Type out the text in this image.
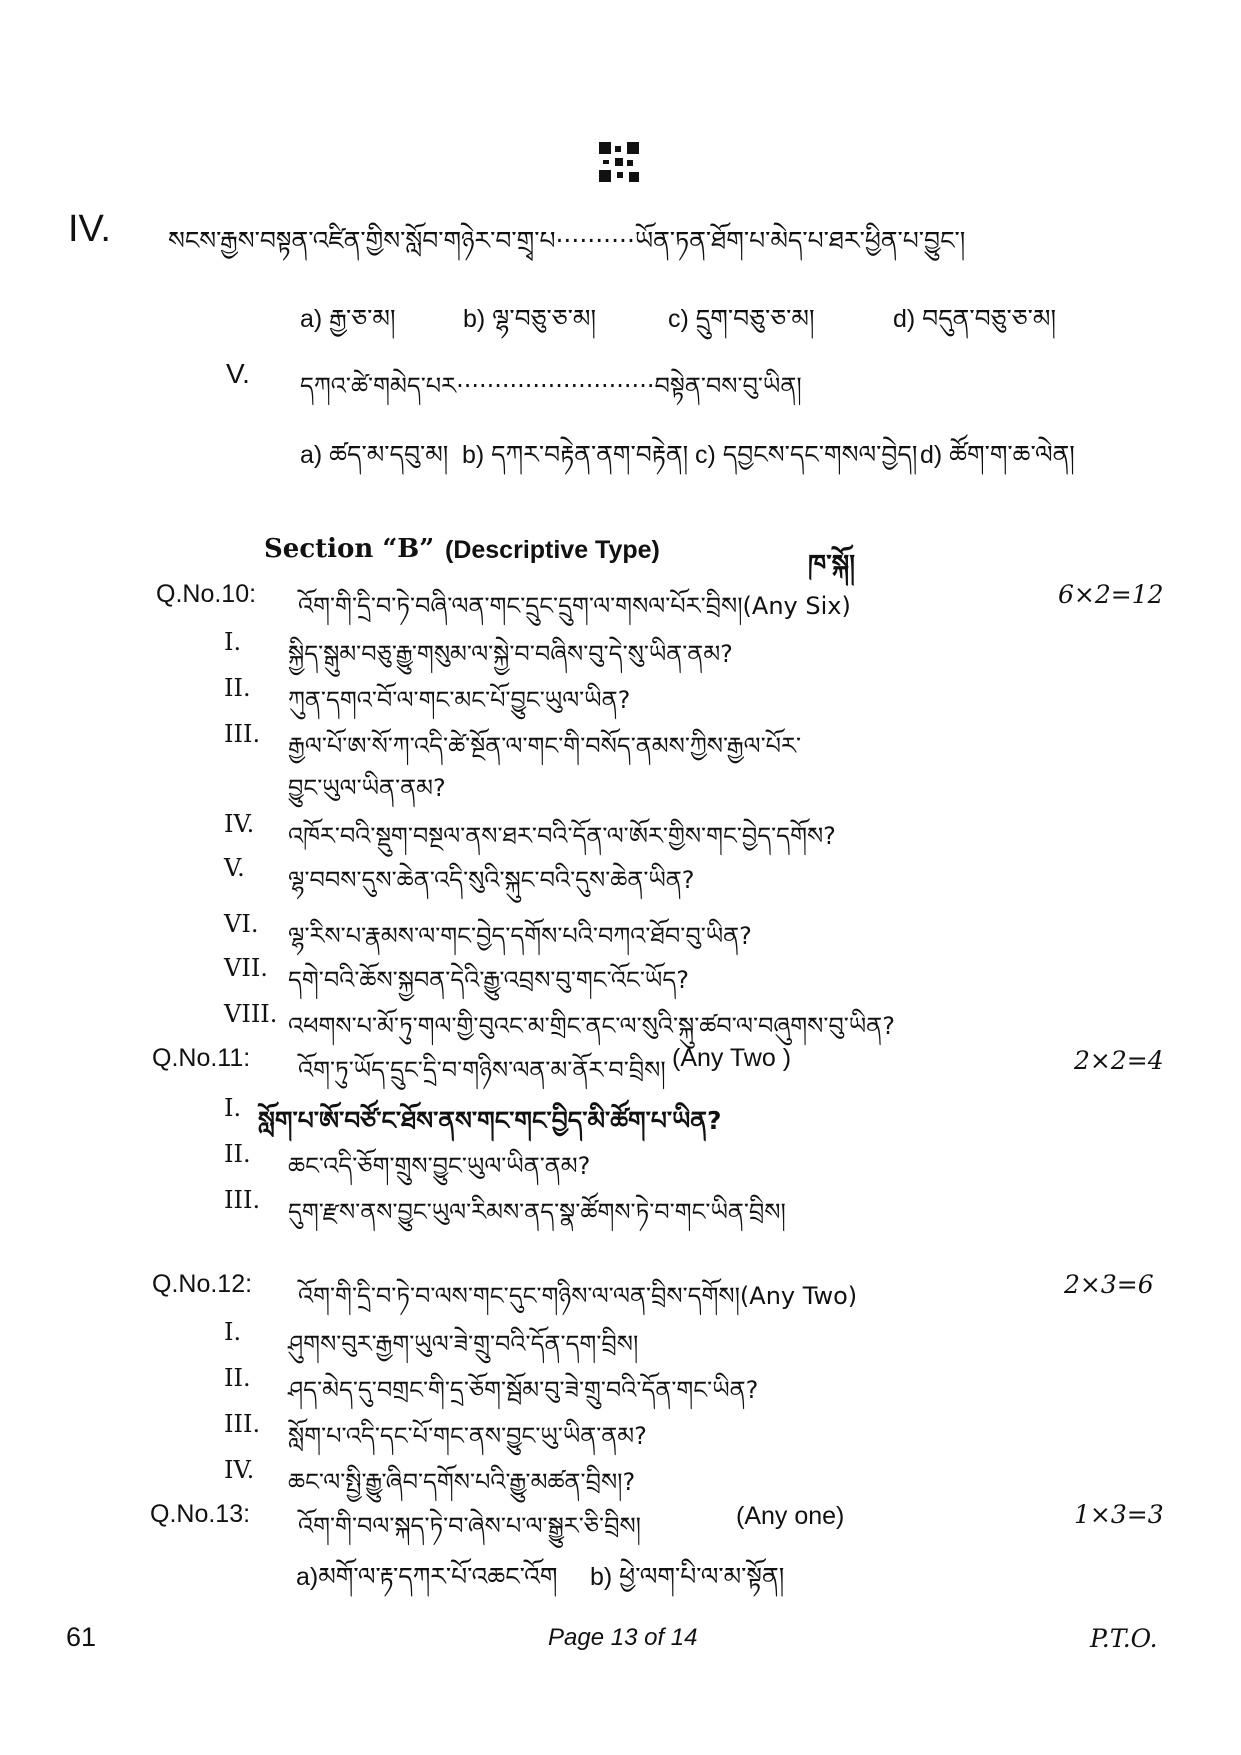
IV. སངས་རྒྱས་བསྟན་འཛིན་གྱིས་སློབ་གཉེར་བ་གྲྭ་པ··········ཡོན་ཏན་ཐོག་པ་མེད་པ་ཐར་ཕྱིན་པ་བྱུང་།
a) རྒྱ་ཅ་མ།	b) ལྷ་བཅུ་ཅ་མ།	c) དྲུག་བཅུ་ཅ་མ།	d) བདུན་བཅུ་ཅ་མ།
V. དཀའ་ཚེ་གམེད་པར··························བསྟེན་བས་བུ་ཡིན།
a) ཚད་མ་དབུ་མ། b) དཀར་བརྟེན་ནག་བརྟེན། c) དབྱངས་དང་གསལ་བྱེད། d) ཚོག་ག་ཆ་ལེན།
Section “B” (Descriptive Type)	ཁ་སྐོ།
Q.No.10: འོག་གི་དྲི་བ་ཏེ་བཞི་ལན་གང་དྲུང་དྲུག་ལ་གསལ་པོར་བྲིས།(Any Six)	6×2=12
I. སྐྱིད་སྒུམ་བཅུ་རྒྱུ་གསུམ་ལ་སྐྱེ་བ་བཞིས་བུ་དེ་སུ་ཡིན་ནམ?
II. ཀུན་དགའ་བོ་ལ་གང་མང་པོ་བྱུང་ཡུལ་ཡིན?
III. རྒྱལ་པོ་ཨ་སོ་ཀ་འདི་ཚེ་སྔོན་ལ་གང་གི་བསོད་ནམས་ཀྱིས་རྒྱལ་པོར་
བྱུང་ཡུལ་ཡིན་ནམ?
IV. འཁོར་བའི་སྡུག་བསྔལ་ནས་ཐར་བའི་དོན་ལ་ཨོར་གྱིས་གང་བྱེད་དགོས?
V. ལྷ་བབས་དུས་ཆེན་འདི་སུའི་སྐུང་བའི་དུས་ཆེན་ཡིན?
VI. ལྷ་རིས་པ་རྣམས་ལ་གང་བྱེད་དགོས་པའི་བཀའ་ཐོབ་བུ་ཡིན?
VII. དགེ་བའི་ཆོས་སྐྱབན་དེའི་རྒྱུ་འབྲས་བུ་གང་འོང་ཡོད?
VIII. འཕགས་པ་མོ་ཏུ་གལ་གྱི་བུའང་མ་གྲིང་ནང་ལ་སུའི་སྐུ་ཚབ་ལ་བཞུགས་བུ་ཡིན?
Q.No.11: འོག་ཏུ་ཡོད་དྲུང་དྲི་བ་གཉིས་ལན་མ་ནོར་བ་བྲིས། (Any Two )	2×2=4
I. སློག་པ་ཨོ་བཙོ་ང་ཐོས་ནས་གང་གང་བྱིད་མི་ཚོག་པ་ཡིན?
II. ཆང་འདི་ཅོག་གྲུས་བྱུང་ཡུལ་ཡིན་ནམ?
III. དུག་རྫས་ནས་བྱུང་ཡུལ་རིམས་ནད་སྣ་ཚོགས་ཏེ་བ་གང་ཡིན་བྲིས།
Q.No.12: འོག་གི་དྲི་བ་ཏེ་བ་ལས་གང་དུང་གཉིས་ལ་ལན་བྲིས་དགོས།(Any Two)	2×3=6
I. ཤུགས་བུར་རྒྱག་ཡུལ་ཟེ་གྲུ་བའི་དོན་དག་བྲིས།
II. ཤད་མེད་དུ་བགྲང་གི་དྲ་ཅོག་སྦོམ་བུ་ཟེ་གྲུ་བའི་དོན་གང་ཡིན?
III. སློག་པ་འདི་དང་པོ་གང་ནས་བྱུང་ཡུ་ཡིན་ནམ?
IV. ཆང་ལ་སྤྱི་རྒྱུ་ཞིབ་དགོས་པའི་རྒྱུ་མཚན་བྲིས།?
Q.No.13: འོག་གི་བལ་སྐད་ཏེ་བ་ཞེས་པ་ལ་སྒྱུར་ཅི་བྲིས།	(Any one)	1×3=3
a)མགོ་ལ་རྟ་དཀར་པོ་འཆང་འོག b) ཕྱེ་ལག་པི་ལ་མ་སྟོན།
61	Page 13 of 14	P.T.O.
